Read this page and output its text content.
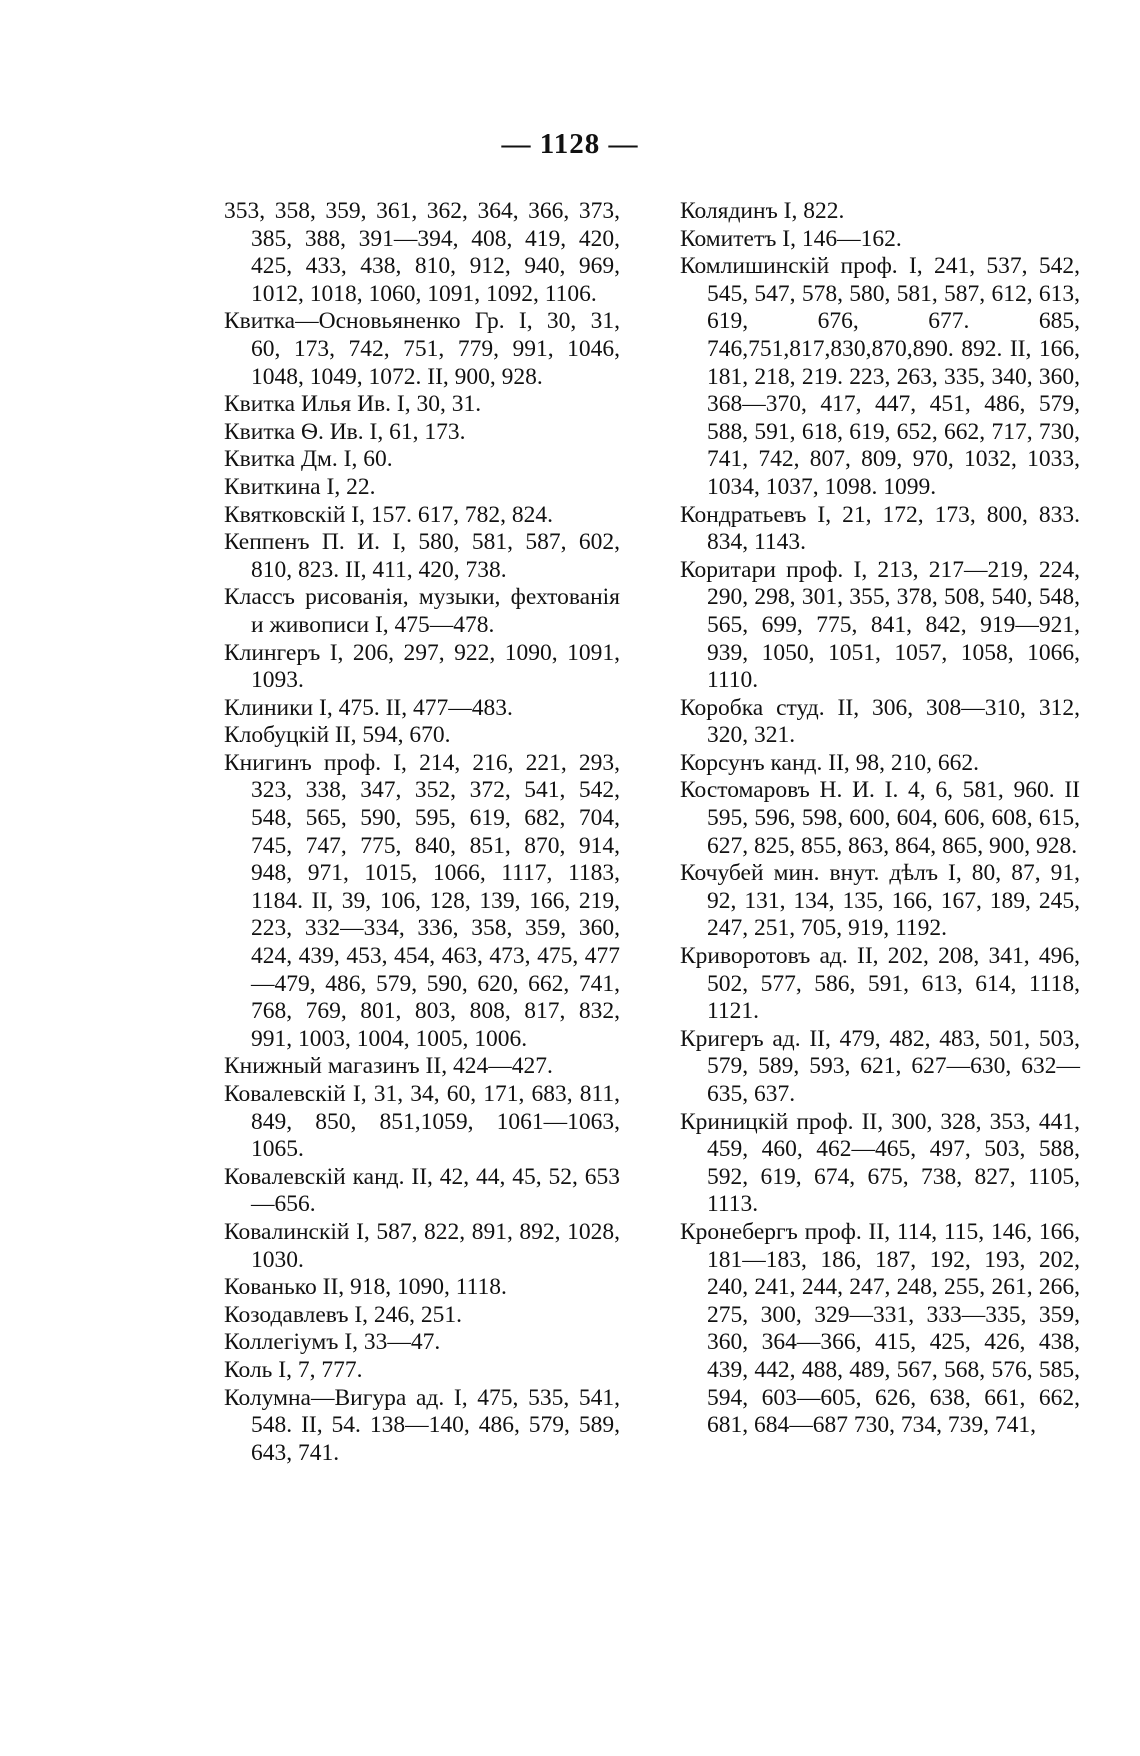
— 1128 —

353, 358, 359, 361, 362, 364, 366, 373, 385, 388, 391—394, 408, 419, 420, 425, 433, 438, 810, 912, 940, 969, 1012, 1018, 1060, 1091, 1092, 1106.

Квитка—Основьяненко Гр. I, 30, 31, 60, 173, 742, 751, 779, 991, 1046, 1048, 1049, 1072. II, 900, 928.

Квитка Илья Ив. I, 30, 31.

Квитка Ѳ. Ив. I, 61, 173.

Квитка Дм. I, 60.

Квиткина I, 22.

Квятковскій I, 157. 617, 782, 824.

Кеппенъ П. И. I, 580, 581, 587, 602, 810, 823. II, 411, 420, 738.

Классъ рисованія, музыки, фехтованія и живописи I, 475—478.

Клингеръ I, 206, 297, 922, 1090, 1091, 1093.

Клиники I, 475. II, 477—483.

Клобуцкій II, 594, 670.

Книгинъ проф. I, 214, 216, 221, 293, 323, 338, 347, 352, 372, 541, 542, 548, 565, 590, 595, 619, 682, 704, 745, 747, 775, 840, 851, 870, 914, 948, 971, 1015, 1066, 1117, 1183, 1184. II, 39, 106, 128, 139, 166, 219, 223, 332—334, 336, 358, 359, 360, 424, 439, 453, 454, 463, 473, 475, 477—479, 486, 579, 590, 620, 662, 741, 768, 769, 801, 803, 808, 817, 832, 991, 1003, 1004, 1005, 1006.

Книжный магазинъ II, 424—427.

Ковалевскій I, 31, 34, 60, 171, 683, 811, 849, 850, 851,1059, 1061—1063, 1065.

Ковалевскій канд. II, 42, 44, 45, 52, 653—656.

Ковалинскій I, 587, 822, 891, 892, 1028, 1030.

Кованько II, 918, 1090, 1118.

Козодавлевъ I, 246, 251.

Коллегіумъ I, 33—47.

Коль I, 7, 777.

Колумна—Вигура ад. I, 475, 535, 541, 548. II, 54. 138—140, 486, 579, 589, 643, 741.

Колядинъ I, 822.

Комитетъ I, 146—162.

Комлишинскій проф. I, 241, 537, 542, 545, 547, 578, 580, 581, 587, 612, 613, 619, 676, 677. 685, 746,751,817,830,870,890. 892. II, 166, 181, 218, 219. 223, 263, 335, 340, 360, 368—370, 417, 447, 451, 486, 579, 588, 591, 618, 619, 652, 662, 717, 730, 741, 742, 807, 809, 970, 1032, 1033, 1034, 1037, 1098. 1099.

Кондратьевъ I, 21, 172, 173, 800, 833. 834, 1143.

Коритари проф. I, 213, 217—219, 224, 290, 298, 301, 355, 378, 508, 540, 548, 565, 699, 775, 841, 842, 919—921, 939, 1050, 1051, 1057, 1058, 1066, 1110.

Коробка студ. II, 306, 308—310, 312, 320, 321.

Корсунъ канд. II, 98, 210, 662.

Костомаровъ Н. И. I. 4, 6, 581, 960. II 595, 596, 598, 600, 604, 606, 608, 615, 627, 825, 855, 863, 864, 865, 900, 928.

Кочубей мин. внут. дѣлъ I, 80, 87, 91, 92, 131, 134, 135, 166, 167, 189, 245, 247, 251, 705, 919, 1192.

Криворотовъ ад. II, 202, 208, 341, 496, 502, 577, 586, 591, 613, 614, 1118, 1121.

Кригеръ ад. II, 479, 482, 483, 501, 503, 579, 589, 593, 621, 627—630, 632—635, 637.

Криницкій проф. II, 300, 328, 353, 441, 459, 460, 462—465, 497, 503, 588, 592, 619, 674, 675, 738, 827, 1105, 1113.

Кронебергъ проф. II, 114, 115, 146, 166, 181—183, 186, 187, 192, 193, 202, 240, 241, 244, 247, 248, 255, 261, 266, 275, 300, 329—331, 333—335, 359, 360, 364—366, 415, 425, 426, 438, 439, 442, 488, 489, 567, 568, 576, 585, 594, 603—605, 626, 638, 661, 662, 681, 684—687 730, 734, 739, 741,
